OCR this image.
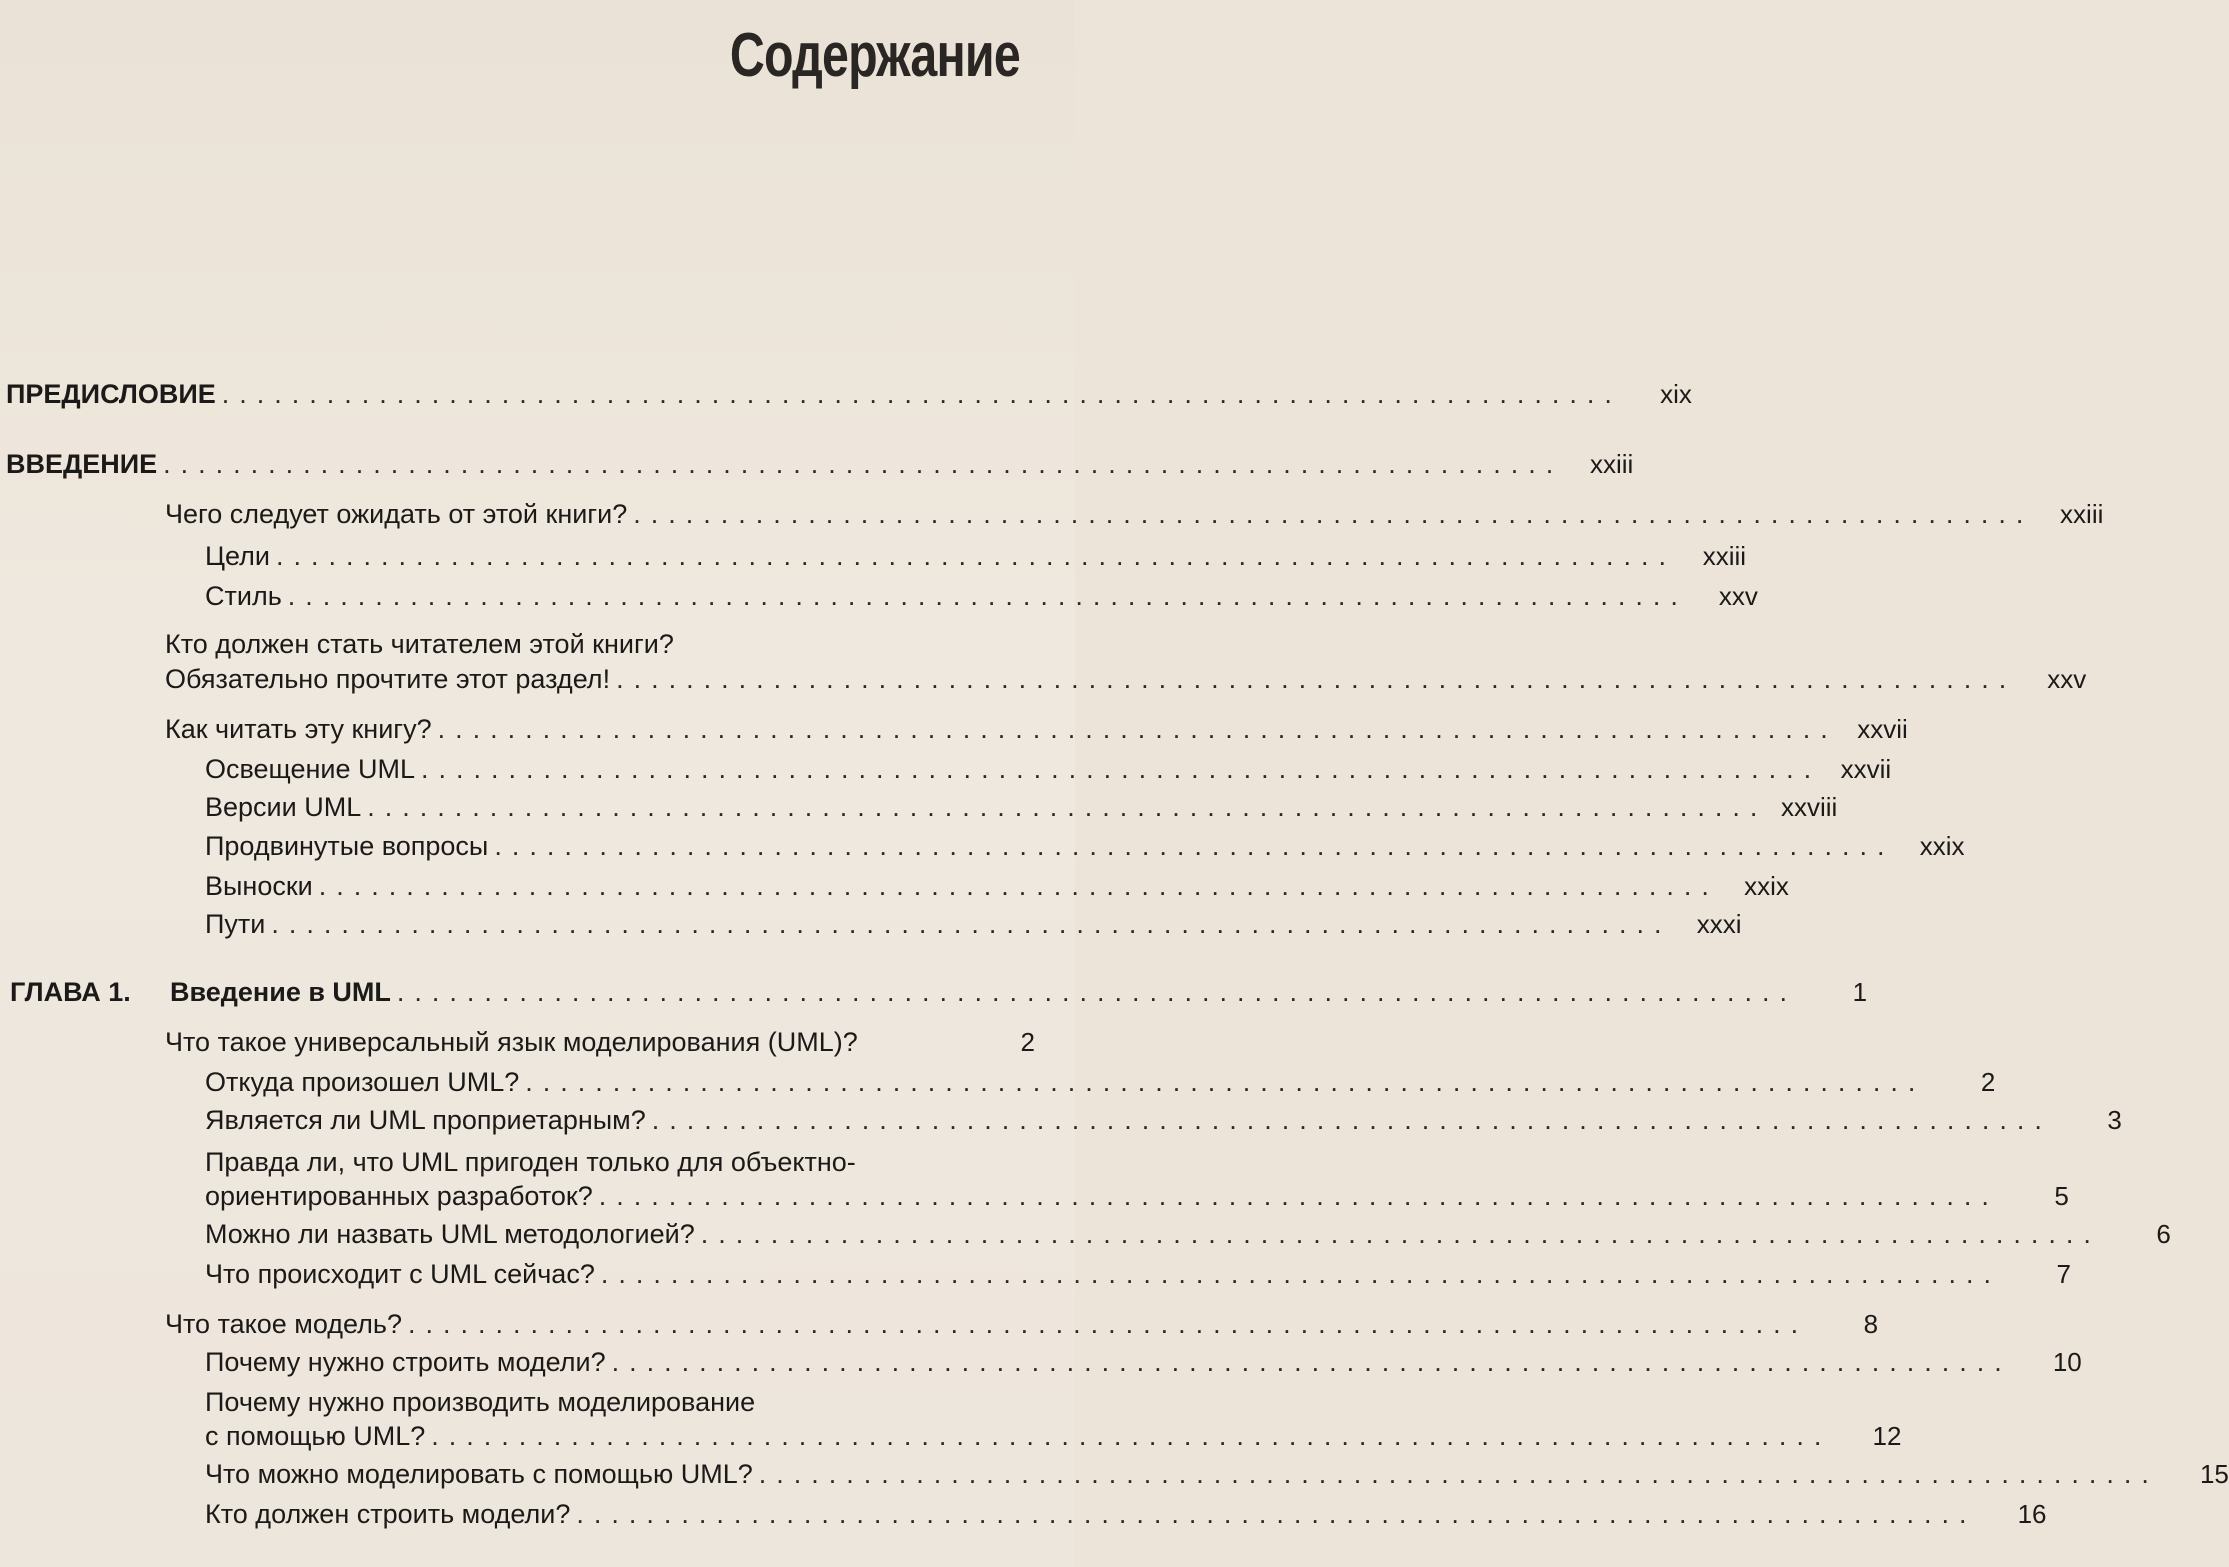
Содержание
ПРЕДИСЛОВИЕ ................................................................................	xix
ВВЕДЕНИЕ ................................................................................	xxiii
Чего следует ожидать от этой книги? ................................................................................	xxiii
Цели ................................................................................	xxiii
Стиль ................................................................................	xxv
Кто должен стать читателем этой книги?
Обязательно прочтите этот раздел! ................................................................................	xxv
Как читать эту книгу? ................................................................................ xxvii
Освещение UML ................................................................................ xxvii
Версии UML ................................................................................ xxviii
Продвинутые вопросы ................................................................................ xxix
Выноски ................................................................................ xxix
Пути ................................................................................ xxxi
ГЛАВА 1.	Введение в UML ................................................................................	1
Что такое универсальный язык моделирования (UML)?	2
Откуда произошел UML? ................................................................................	2
Является ли UML проприетарным? ................................................................................	3
Правда ли, что UML пригоден только для объектно-
ориентированных разработок? ................................................................................	5
Можно ли назвать UML методологией? ................................................................................	6
Что происходит с UML сейчас? ................................................................................	7
Что такое модель? ................................................................................	8
Почему нужно строить модели? ................................................................................	10
Почему нужно производить моделирование
с помощью UML? ................................................................................	12
Что можно моделировать с помощью UML? ................................................................................	15
Кто должен строить модели? ................................................................................	16
